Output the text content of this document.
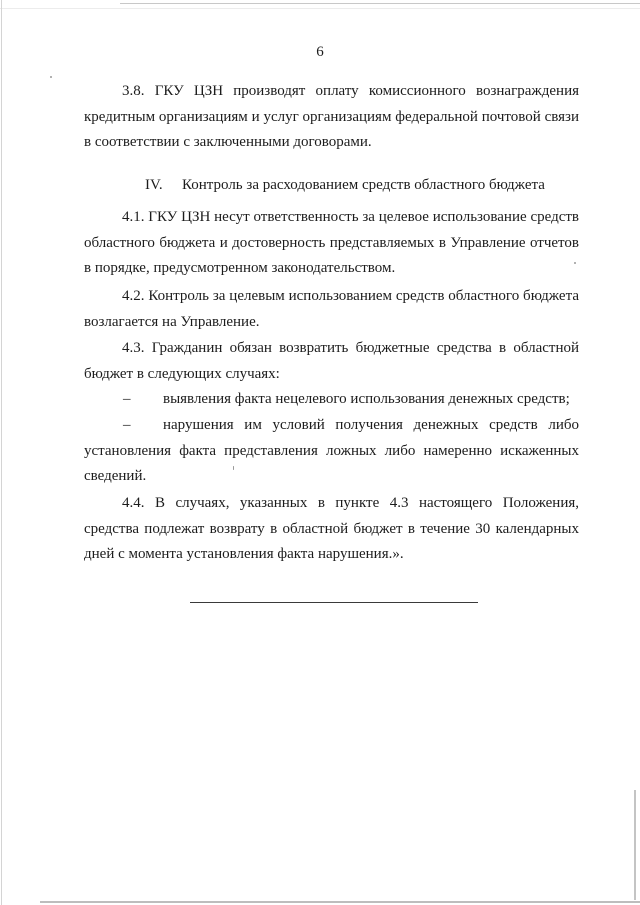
6

3.8. ГКУ ЦЗН производят оплату комиссионного вознаграждения кредитным организациям и услуг организациям федеральной почтовой связи в соответствии с заключенными договорами.

IV. Контроль за расходованием средств областного бюджета

4.1. ГКУ ЦЗН несут ответственность за целевое использование средств областного бюджета и достоверность представляемых в Управление отчетов в порядке, предусмотренном законодательством.

4.2. Контроль за целевым использованием средств областного бюджета возлагается на Управление.

4.3. Гражданин обязан возвратить бюджетные средства в областной бюджет в следующих случаях:

– выявления факта нецелевого использования денежных средств;

– нарушения им условий получения денежных средств либо установления факта представления ложных либо намеренно искаженных сведений.

4.4. В случаях, указанных в пункте 4.3 настоящего Положения, средства подлежат возврату в областной бюджет в течение 30 календарных дней с момента установления факта нарушения.».
